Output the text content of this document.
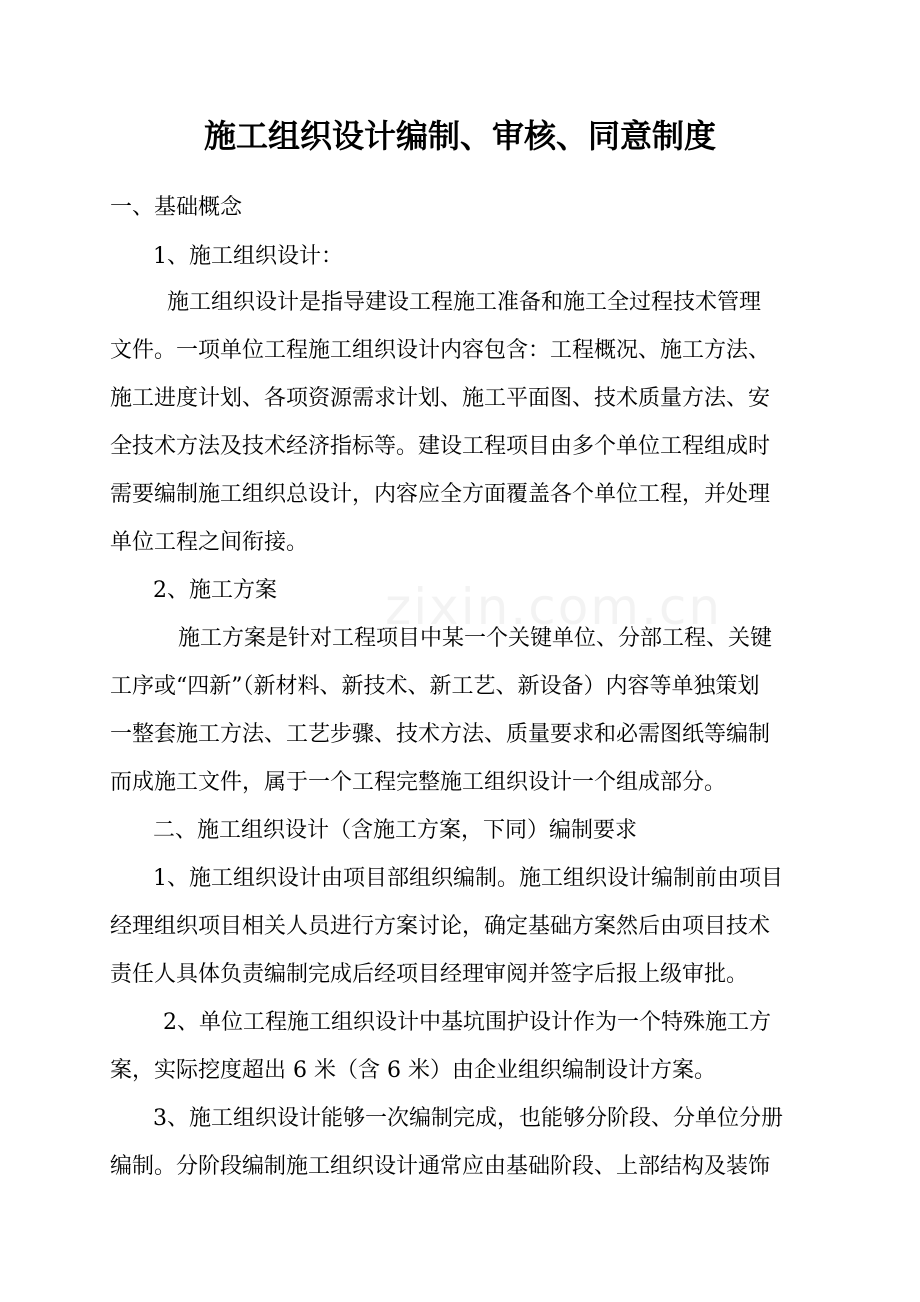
施工组织设计编制、审核、同意制度

一、基础概念

1、施工组织设计：

施工组织设计是指导建设工程施工准备和施工全过程技术管理

文件。一项单位工程施工组织设计内容包含：工程概况、施工方法、

施工进度计划、各项资源需求计划、施工平面图、技术质量方法、安

全技术方法及技术经济指标等。建设工程项目由多个单位工程组成时

需要编制施工组织总设计，内容应全方面覆盖各个单位工程，并处理

单位工程之间衔接。

2、施工方案

施工方案是针对工程项目中某一个关键单位、分部工程、关键

工序或“四新”（新材料、新技术、新工艺、新设备）内容等单独策划

一整套施工方法、工艺步骤、技术方法、质量要求和必需图纸等编制

而成施工文件，属于一个工程完整施工组织设计一个组成部分。

二、施工组织设计（含施工方案，下同）编制要求

1、施工组织设计由项目部组织编制。施工组织设计编制前由项目

经理组织项目相关人员进行方案讨论，确定基础方案然后由项目技术

责任人具体负责编制完成后经项目经理审阅并签字后报上级审批。

2、单位工程施工组织设计中基坑围护设计作为一个特殊施工方

案，实际挖度超出 6 米（含 6 米）由企业组织编制设计方案。

3、施工组织设计能够一次编制完成，也能够分阶段、分单位分册

编制。分阶段编制施工组织设计通常应由基础阶段、上部结构及装饰
